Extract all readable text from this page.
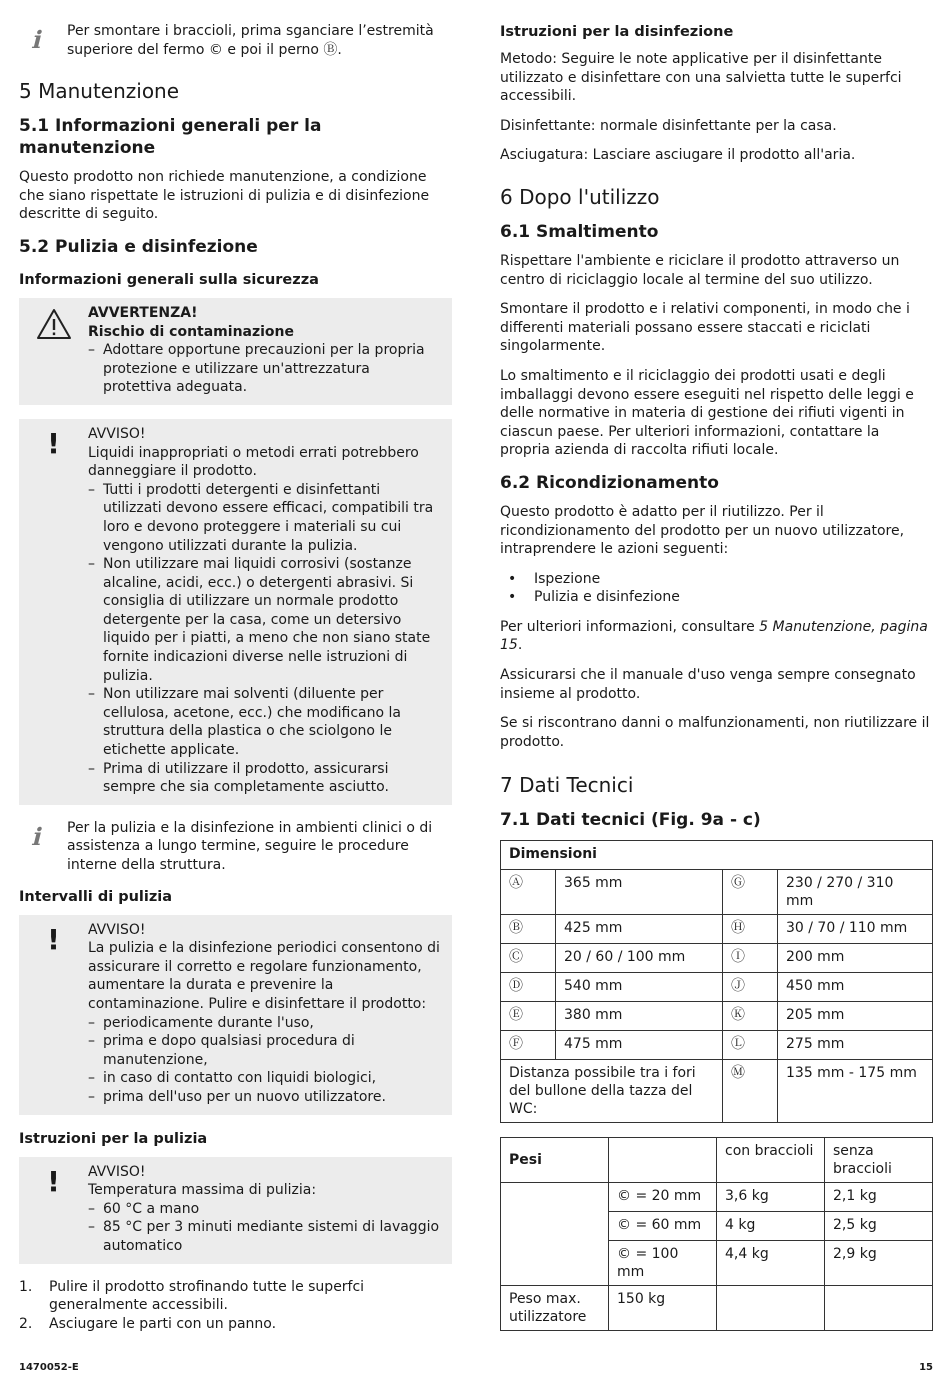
ℹ	Per smontare i braccioli, prima sganciare l’estremità superiore del fermo © e poi il perno Ⓑ.
5 Manutenzione
5.1 Informazioni generali per la manutenzione

Questo prodotto non richiede manutenzione, a condizione che siano rispettate le istruzioni di pulizia e di disinfezione descritte di seguito.

5.2 Pulizia e disinfezione
Informazioni generali sulla sicurezza
AVVERTENZA!
Rischio di contaminazione
– Adottare opportune precauzioni per la propria protezione e utilizzare un'attrezzatura protettiva adeguata.
!	AVVISO!
Liquidi inappropriati o metodi errati potrebbero danneggiare il prodotto.
– Tutti i prodotti detergenti e disinfettanti utilizzati devono essere efficaci, compatibili tra loro e devono proteggere i materiali su cui vengono utilizzati durante la pulizia.
– Non utilizzare mai liquidi corrosivi (sostanze alcaline, acidi, ecc.) o detergenti abrasivi. Si consiglia di utilizzare un normale prodotto detergente per la casa, come un detersivo liquido per i piatti, a meno che non siano state fornite indicazioni diverse nelle istruzioni di pulizia.
– Non utilizzare mai solventi (diluente per cellulosa, acetone, ecc.) che modificano la struttura della plastica o che sciolgono le etichette applicate.
– Prima di utilizzare il prodotto, assicurarsi sempre che sia completamente asciutto.
ℹ	Per la pulizia e la disinfezione in ambienti clinici o di assistenza a lungo termine, seguire le procedure interne della struttura.
Intervalli di pulizia
!	AVVISO!
La pulizia e la disinfezione periodici consentono di assicurare il corretto e regolare funzionamento, aumentare la durata e prevenire la contaminazione. Pulire e disinfettare il prodotto:
– periodicamente durante l'uso,
– prima e dopo qualsiasi procedura di manutenzione,
– in caso di contatto con liquidi biologici,
– prima dell'uso per un nuovo utilizzatore.
Istruzioni per la pulizia
!	AVVISO!
Temperatura massima di pulizia:
– 60 °C a mano
– 85 °C per 3 minuti mediante sistemi di lavaggio automatico
1.	Pulire il prodotto strofinando tutte le superfci generalmente accessibili.
2.	Asciugare le parti con un panno.
Istruzioni per la disinfezione

Metodo: Seguire le note applicative per il disinfettante utilizzato e disinfettare con una salvietta tutte le superfci accessibili.

Disinfettante: normale disinfettante per la casa.

Asciugatura: Lasciare asciugare il prodotto all'aria.

6 Dopo l'utilizzo
6.1 Smaltimento

Rispettare l'ambiente e riciclare il prodotto attraverso un centro di riciclaggio locale al termine del suo utilizzo.

Smontare il prodotto e i relativi componenti, in modo che i differenti materiali possano essere staccati e riciclati singolarmente.

Lo smaltimento e il riciclaggio dei prodotti usati e degli imballaggi devono essere eseguiti nel rispetto delle leggi e delle normative in materia di gestione dei rifiuti vigenti in ciascun paese. Per ulteriori informazioni, contattare la propria azienda di raccolta rifiuti locale.

6.2 Ricondizionamento

Questo prodotto è adatto per il riutilizzo. Per il ricondizionamento del prodotto per un nuovo utilizzatore, intraprendere le azioni seguenti:

•	Ispezione
•	Pulizia e disinfezione

Per ulteriori informazioni, consultare 5 Manutenzione, pagina 15.

Assicurarsi che il manuale d'uso venga sempre consegnato insieme al prodotto.

Se si riscontrano danni o malfunzionamenti, non riutilizzare il prodotto.

7 Dati Tecnici
7.1 Dati tecnici (Fig. 9a - c)
Dimensioni			
Ⓐ	365 mm	Ⓖ	230 / 270 / 310 mm
Ⓑ	425 mm	Ⓗ	30 / 70 / 110 mm
Ⓒ	20 / 60 / 100 mm	Ⓘ	200 mm
Ⓓ	540 mm	Ⓙ	450 mm
Ⓔ	380 mm	Ⓚ	205 mm
Ⓕ	475 mm	Ⓛ	275 mm
Distanza possibile tra i fori del bullone della tazza del WC:		Ⓜ	135 mm - 175 mm
Pesi		con braccioli	senza braccioli
	© = 20 mm	3,6 kg	2,1 kg
	© = 60 mm	4 kg	2,5 kg
	© = 100 mm	4,4 kg	2,9 kg
Peso max. utilizzatore	150 kg		
1470052-E	15
